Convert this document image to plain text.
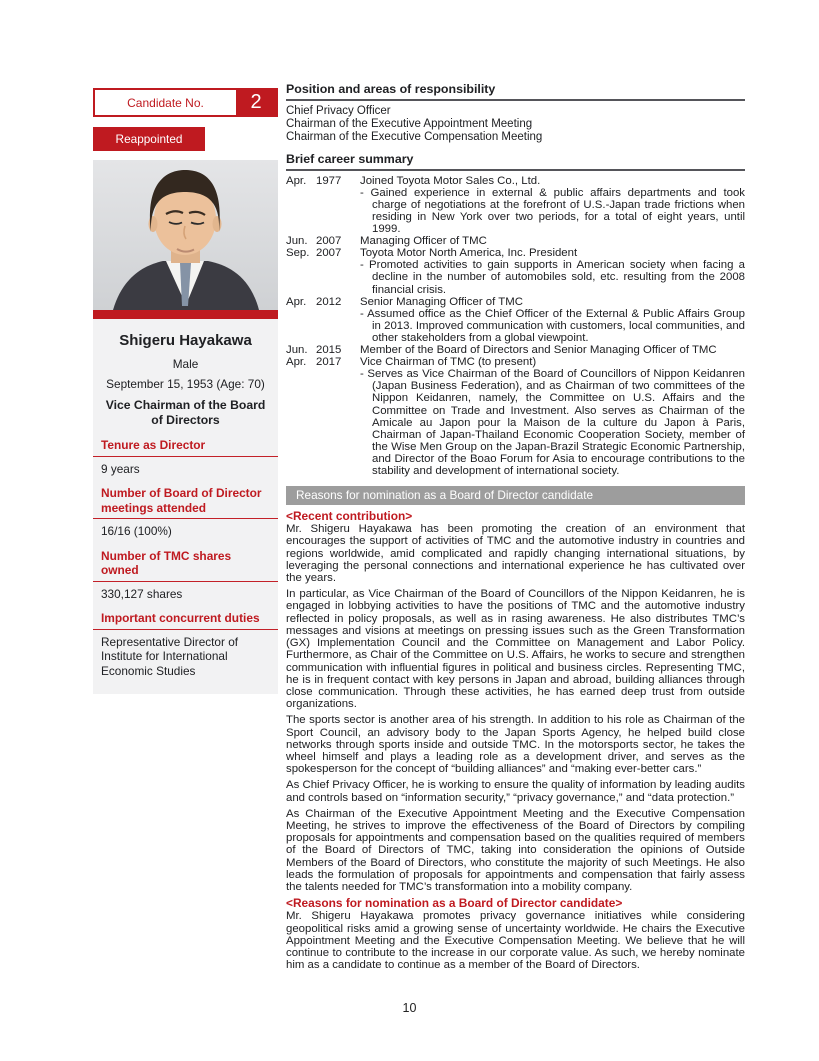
Candidate No.	2
Reappointed
Shigeru Hayakawa
Male
September 15, 1953 (Age: 70)
Vice Chairman of the Board of Directors
Tenure as Director
9 years
Number of Board of Director meetings attended
16/16 (100%)
Number of TMC shares owned
330,127 shares
Important concurrent duties
Representative Director of Institute for International Economic Studies
Position and areas of responsibility
Chief Privacy Officer
Chairman of the Executive Appointment Meeting
Chairman of the Executive Compensation Meeting
Brief career summary
Apr. 1977	Joined Toyota Motor Sales Co., Ltd.
- Gained experience in external & public affairs departments and took charge of negotiations at the forefront of U.S.-Japan trade frictions when residing in New York over two periods, for a total of eight years, until 1999.
Jun. 2007	Managing Officer of TMC
Sep. 2007	Toyota Motor North America, Inc. President
- Promoted activities to gain supports in American society when facing a decline in the number of automobiles sold, etc. resulting from the 2008 financial crisis.
Apr. 2012	Senior Managing Officer of TMC
- Assumed office as the Chief Officer of the External & Public Affairs Group in 2013. Improved communication with customers, local communities, and other stakeholders from a global viewpoint.
Jun. 2015	Member of the Board of Directors and Senior Managing Officer of TMC
Apr. 2017	Vice Chairman of TMC (to present)
- Serves as Vice Chairman of the Board of Councillors of Nippon Keidanren (Japan Business Federation), and as Chairman of two committees of the Nippon Keidanren, namely, the Committee on U.S. Affairs and the Committee on Trade and Investment. Also serves as Chairman of the Amicale au Japon pour la Maison de la culture du Japon à Paris, Chairman of Japan-Thailand Economic Cooperation Society, member of the Wise Men Group on the Japan-Brazil Strategic Economic Partnership, and Director of the Boao Forum for Asia to encourage contributions to the stability and development of international society.
Reasons for nomination as a Board of Director candidate
<Recent contribution>

Mr. Shigeru Hayakawa has been promoting the creation of an environment that encourages the support of activities of TMC and the automotive industry in countries and regions worldwide, amid complicated and rapidly changing international situations, by leveraging the personal connections and international experience he has cultivated over the years.

In particular, as Vice Chairman of the Board of Councillors of the Nippon Keidanren, he is engaged in lobbying activities to have the positions of TMC and the automotive industry reflected in policy proposals, as well as in rasing awareness. He also distributes TMC’s messages and visions at meetings on pressing issues such as the Green Transformation (GX) Implementation Council and the Committee on Management and Labor Policy. Furthermore, as Chair of the Committee on U.S. Affairs, he works to secure and strengthen communication with influential figures in political and business circles. Representing TMC, he is in frequent contact with key persons in Japan and abroad, building alliances through close communication. Through these activities, he has earned deep trust from outside organizations.

The sports sector is another area of his strength. In addition to his role as Chairman of the Sport Council, an advisory body to the Japan Sports Agency, he helped build close networks through sports inside and outside TMC. In the motorsports sector, he takes the wheel himself and plays a leading role as a development driver, and serves as the spokesperson for the concept of “building alliances” and “making ever-better cars.”

As Chief Privacy Officer, he is working to ensure the quality of information by leading audits and controls based on “information security,” “privacy governance,” and “data protection.”

As Chairman of the Executive Appointment Meeting and the Executive Compensation Meeting, he strives to improve the effectiveness of the Board of Directors by compiling proposals for appointments and compensation based on the qualities required of members of the Board of Directors of TMC, taking into consideration the opinions of Outside Members of the Board of Directors, who constitute the majority of such Meetings. He also leads the formulation of proposals for appointments and compensation that fairly assess the talents needed for TMC’s transformation into a mobility company.

<Reasons for nomination as a Board of Director candidate>

Mr. Shigeru Hayakawa promotes privacy governance initiatives while considering geopolitical risks amid a growing sense of uncertainty worldwide. He chairs the Executive Appointment Meeting and the Executive Compensation Meeting. We believe that he will continue to contribute to the increase in our corporate value. As such, we hereby nominate him as a candidate to continue as a member of the Board of Directors.

10
